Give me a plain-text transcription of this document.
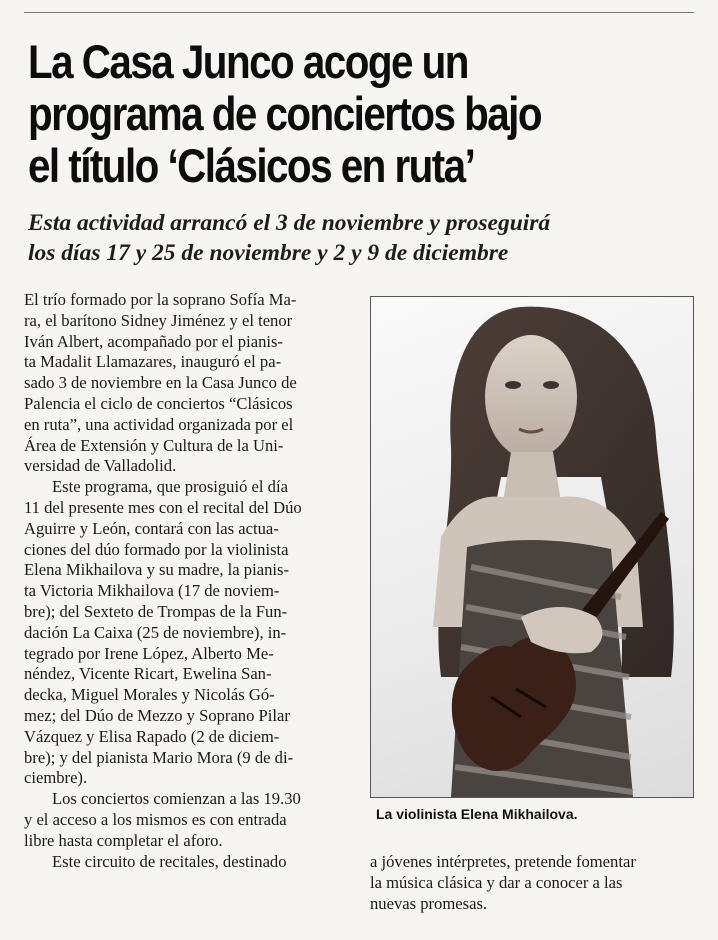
La Casa Junco acoge un
programa de conciertos bajo
el título ‘Clásicos en ruta’
Esta actividad arrancó el 3 de noviembre y proseguirá
los días 17 y 25 de noviembre y 2 y 9 de diciembre
El trío formado por la soprano Sofía Ma-
ra, el barítono Sidney Jiménez y el tenor
Iván Albert, acompañado por el pianis-
ta Madalit Llamazares, inauguró el pa-
sado 3 de noviembre en la Casa Junco de
Palencia el ciclo de conciertos “Clásicos
en ruta”, una actividad organizada por el
Área de Extensión y Cultura de la Uni-
versidad de Valladolid.
Este programa, que prosiguió el día
11 del presente mes con el recital del Dúo
Aguirre y León, contará con las actua-
ciones del dúo formado por la violinista
Elena Mikhailova y su madre, la pianis-
ta Victoria Mikhailova (17 de noviem-
bre); del Sexteto de Trompas de la Fun-
dación La Caixa (25 de noviembre), in-
tegrado por Irene López, Alberto Me-
néndez, Vicente Ricart, Ewelina San-
decka, Miguel Morales y Nicolás Gó-
mez; del Dúo de Mezzo y Soprano Pilar
Vázquez y Elisa Rapado (2 de diciem-
bre); y del pianista Mario Mora (9 de di-
ciembre).
Los conciertos comienzan a las 19.30
y el acceso a los mismos es con entrada
libre hasta completar el aforo.
Este circuito de recitales, destinado

La violinista Elena Mikhailova.

a jóvenes intérpretes, pretende fomentar
la música clásica y dar a conocer a las
nuevas promesas.
